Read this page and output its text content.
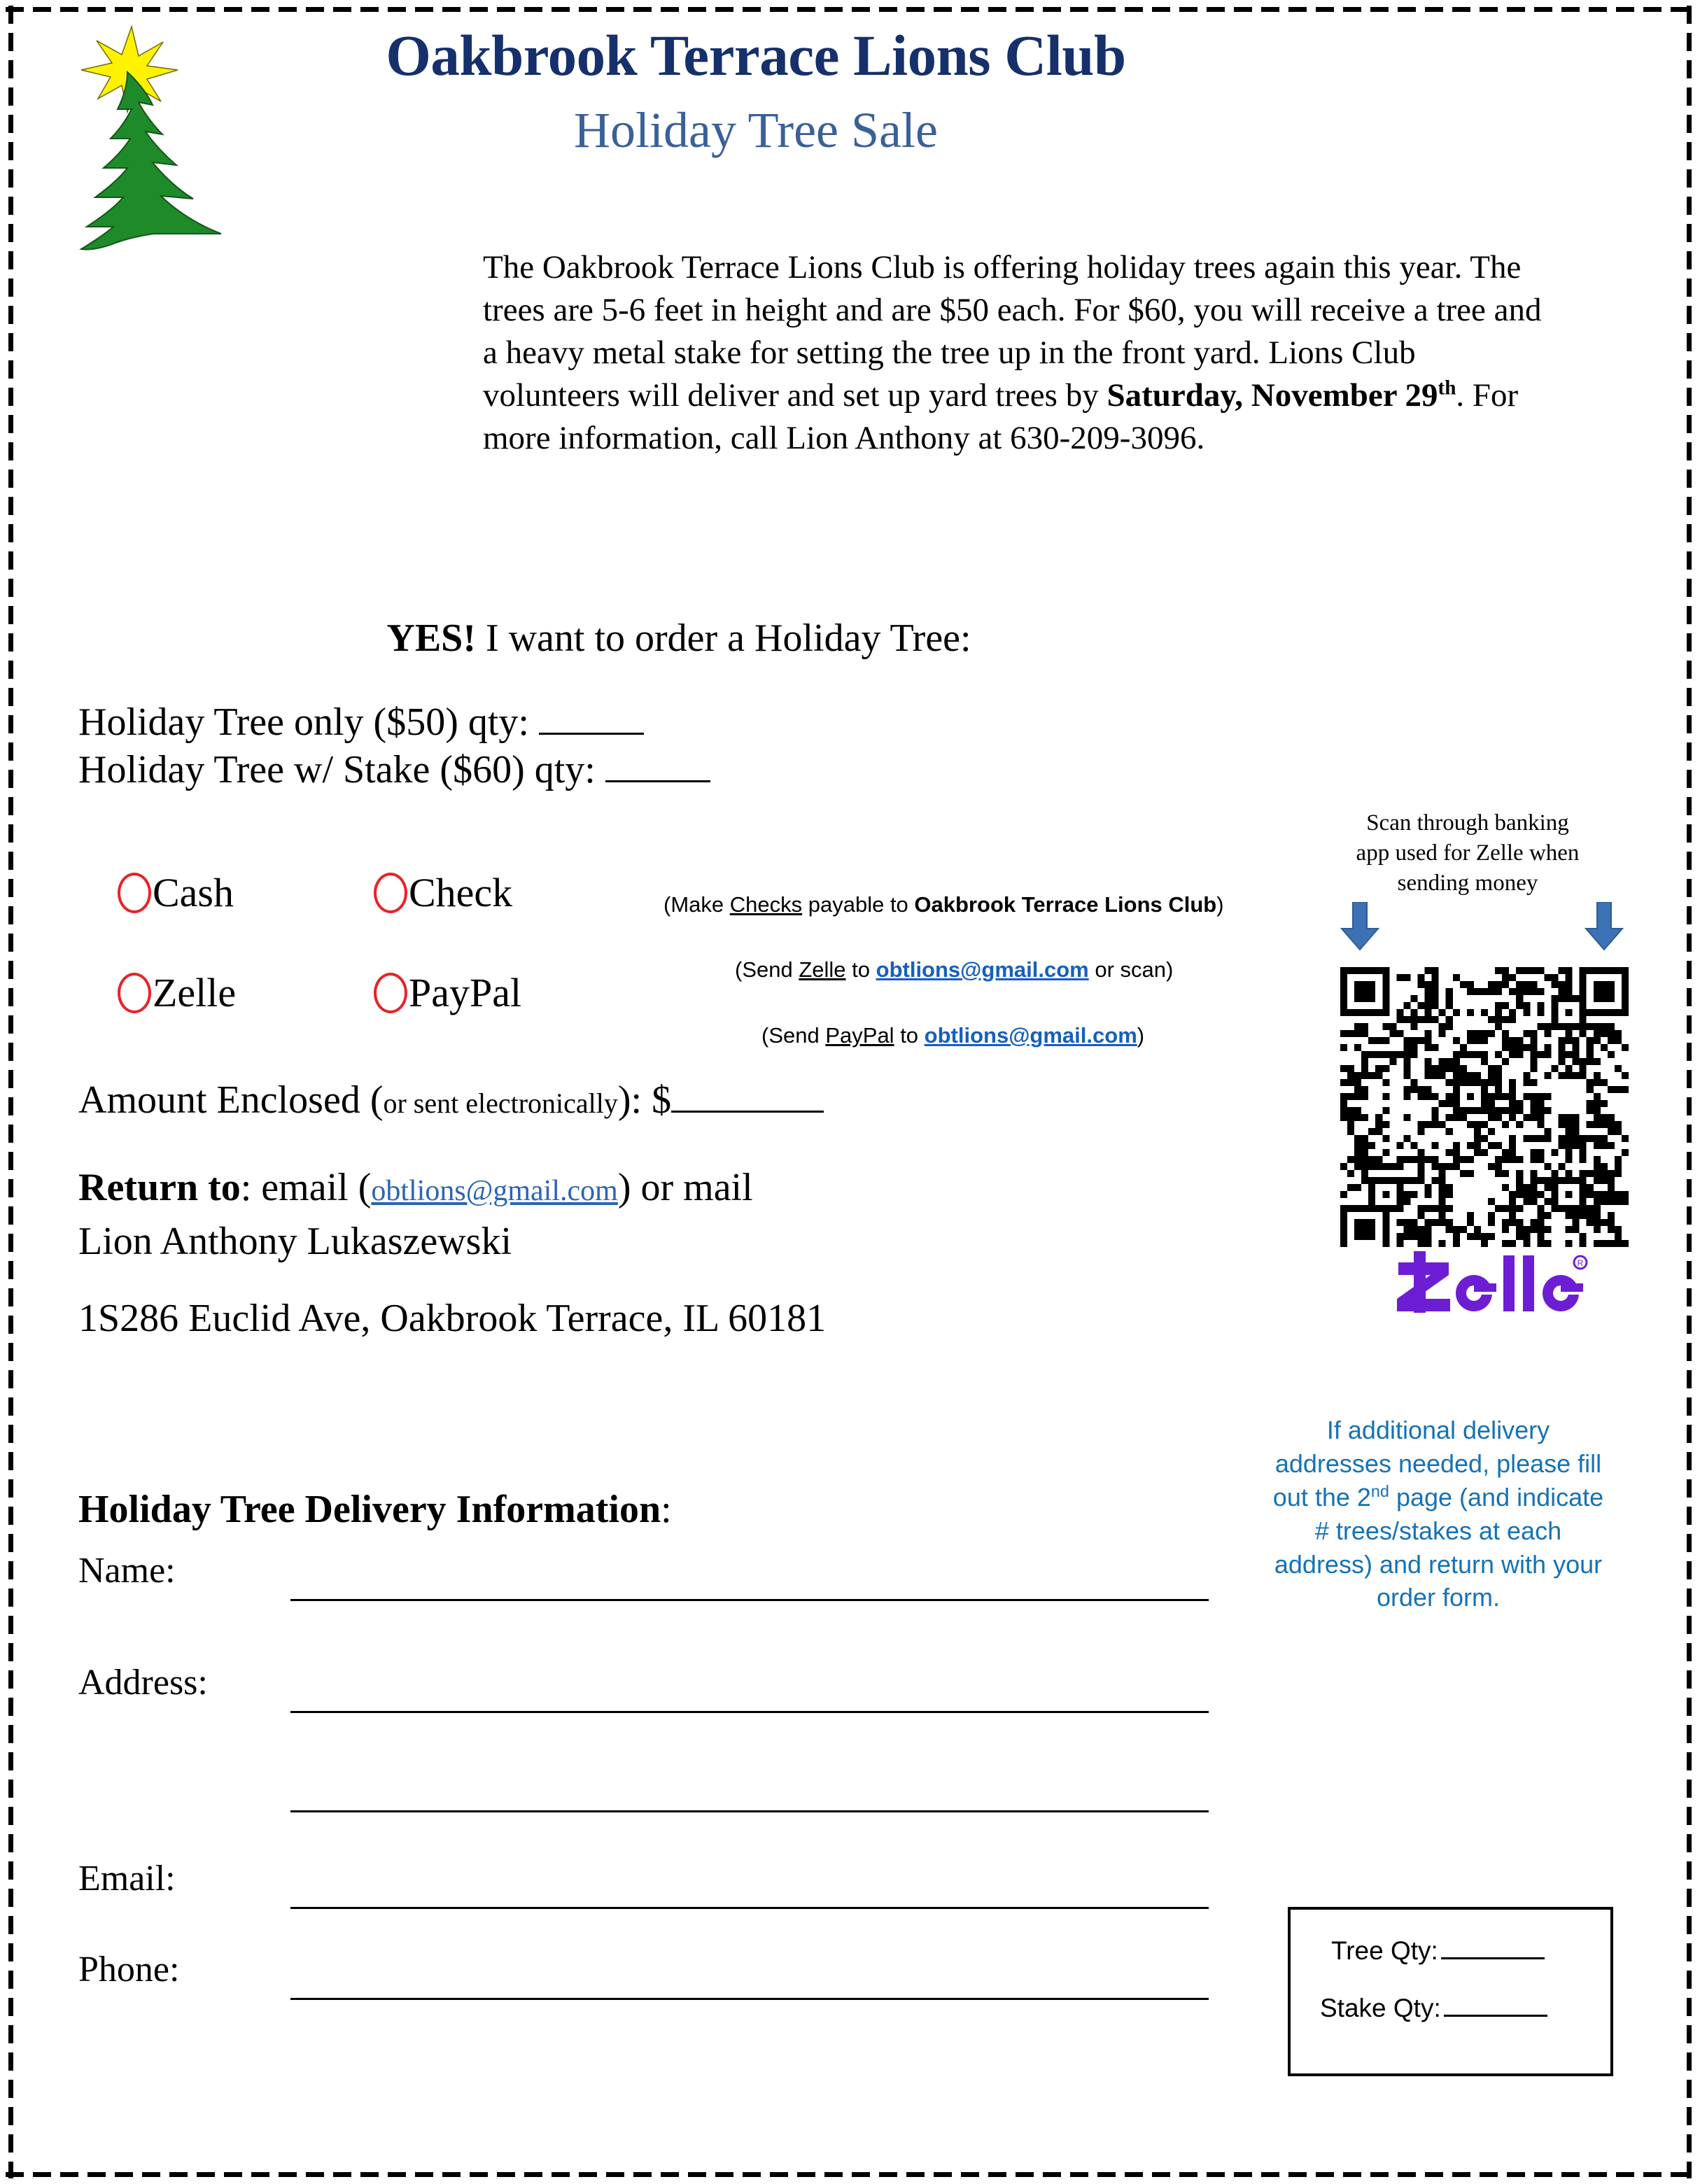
Oakbrook Terrace Lions Club
Holiday Tree Sale
The Oakbrook Terrace Lions Club is offering holiday trees again this year. The trees are 5-6 feet in height and are $50 each. For $60, you will receive a tree and a heavy metal stake for setting the tree up in the front yard. Lions Club volunteers will deliver and set up yard trees by Saturday, November 29th. For more information, call Lion Anthony at 630-209-3096.
YES! I want to order a Holiday Tree:
Holiday Tree only ($50) qty:
Holiday Tree w/ Stake ($60) qty:
Cash	Check
Zelle	PayPal
(Make Checks payable to Oakbrook Terrace Lions Club)
(Send Zelle to obtlions@gmail.com or scan)
(Send PayPal to obtlions@gmail.com)
Amount Enclosed (or sent electronically): $
Return to: email (obtlions@gmail.com) or mail
Lion Anthony Lukaszewski
1S286 Euclid Ave, Oakbrook Terrace, IL 60181
Scan through banking app used for Zelle when sending money
R
If additional delivery addresses needed, please fill out the 2nd page (and indicate # trees/stakes at each address) and return with your order form.
Holiday Tree Delivery Information:
Name:
Address:
Email:
Phone:	Tree Qty:
Stake Qty:
